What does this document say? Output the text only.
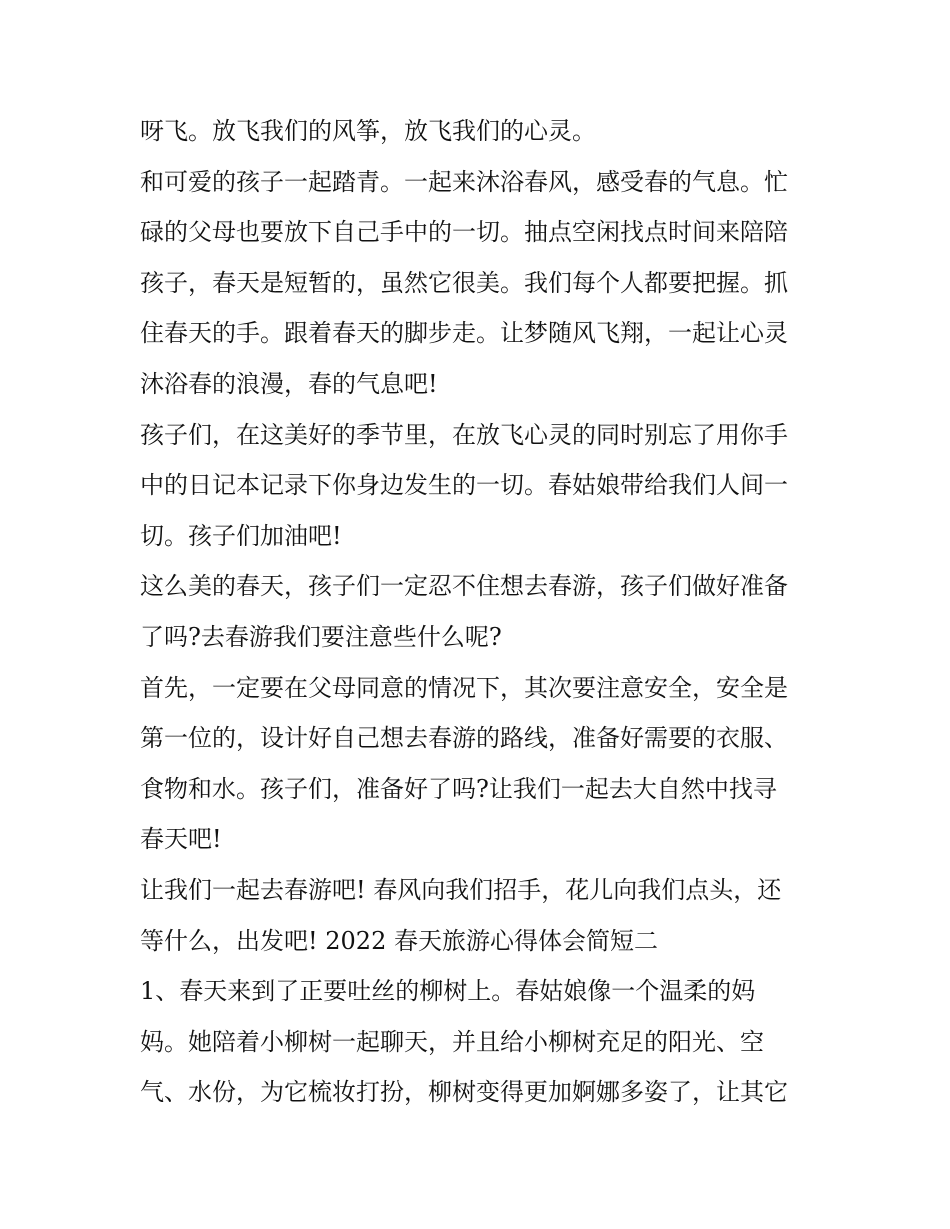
呀飞。放飞我们的风筝，放飞我们的心灵。
和可爱的孩子一起踏青。一起来沐浴春风，感受春的气息。忙
碌的父母也要放下自己手中的一切。抽点空闲找点时间来陪陪
孩子，春天是短暂的，虽然它很美。我们每个人都要把握。抓
住春天的手。跟着春天的脚步走。让梦随风飞翔，一起让心灵
沐浴春的浪漫，春的气息吧!
孩子们，在这美好的季节里，在放飞心灵的同时别忘了用你手
中的日记本记录下你身边发生的一切。春姑娘带给我们人间一
切。孩子们加油吧!
这么美的春天，孩子们一定忍不住想去春游，孩子们做好准备
了吗?去春游我们要注意些什么呢?
首先，一定要在父母同意的情况下，其次要注意安全，安全是
第一位的，设计好自己想去春游的路线，准备好需要的衣服、
食物和水。孩子们，准备好了吗?让我们一起去大自然中找寻
春天吧!
让我们一起去春游吧! 春风向我们招手，花儿向我们点头，还
等什么，出发吧! 2022 春天旅游心得体会简短二
1、春天来到了正要吐丝的柳树上。春姑娘像一个温柔的妈
妈。她陪着小柳树一起聊天，并且给小柳树充足的阳光、空
气、水份，为它梳妆打扮，柳树变得更加婀娜多姿了，让其它
